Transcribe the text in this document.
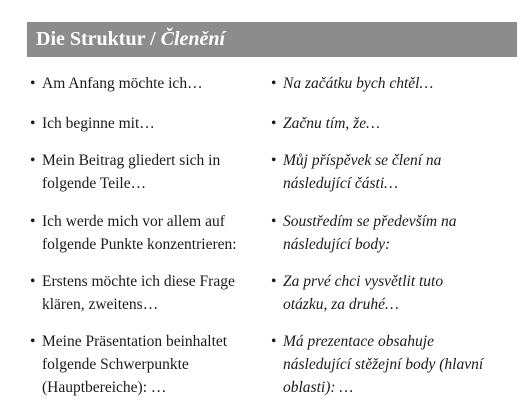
Die Struktur / Členění
• Am Anfang möchte ich…
• Ich beginne mit…
• Mein Beitrag gliedert sich in
folgende Teile…
• Ich werde mich vor allem auf
folgende Punkte konzentrieren:
• Erstens möchte ich diese Frage
klären, zweitens…
• Meine Präsentation beinhaltet
folgende Schwerpunkte
(Hauptbereiche): …
• Na začátku bych chtěl…
• Začnu tím, že…
• Můj příspěvek se člení na
následující části…
• Soustředím se především na
následující body:
• Za prvé chci vysvětlit tuto
otázku, za druhé…
• Má prezentace obsahuje
následující stěžejní body (hlavní
oblasti): …
